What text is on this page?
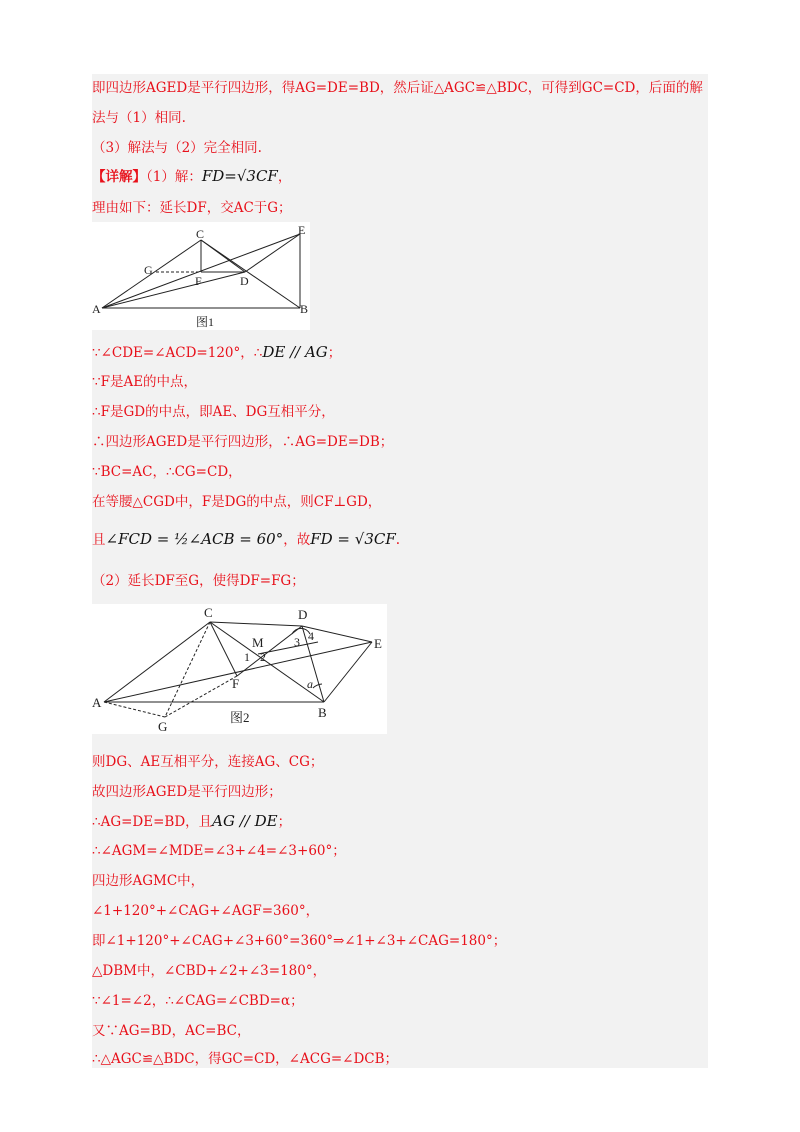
即四边形AGED是平行四边形，得AG=DE=BD，然后证△AGC≌△BDC，可得到GC=CD，后面的解
法与（1）相同.
（3）解法与（2）完全相同.
【详解】（1）解：FD=√3CF，
理由如下：延长DF，交AC于G；
C	E
G
F	D
A	B
图1
∵∠CDE=∠ACD=120°，∴DE // AG；
∵F是AE的中点，
∴F是GD的中点，即AE、DG互相平分，
∴四边形AGED是平行四边形，∴AG=DE=DB；
∵BC=AC，∴CG=CD，
在等腰△CGD中，F是DG的中点，则CF⊥GD，
且∠FCD = ½∠ACB = 60°，故FD = √3CF.
（2）延长DF至G，使得DF=FG；
C	D
M	3 4	E
1 2
F	a
A
G
B
图2
则DG、AE互相平分，连接AG、CG；
故四边形AGED是平行四边形；
∴AG=DE=BD，且AG // DE；
∴∠AGM=∠MDE=∠3+∠4=∠3+60°；
四边形AGMC中，
∠1+120°+∠CAG+∠AGF=360°，
即∠1+120°+∠CAG+∠3+60°=360°⇒∠1+∠3+∠CAG=180°；
△DBM中，∠CBD+∠2+∠3=180°，
∵∠1=∠2，∴∠CAG=∠CBD=α；
又∵AG=BD，AC=BC，
∴△AGC≌△BDC，得GC=CD，∠ACG=∠DCB；
